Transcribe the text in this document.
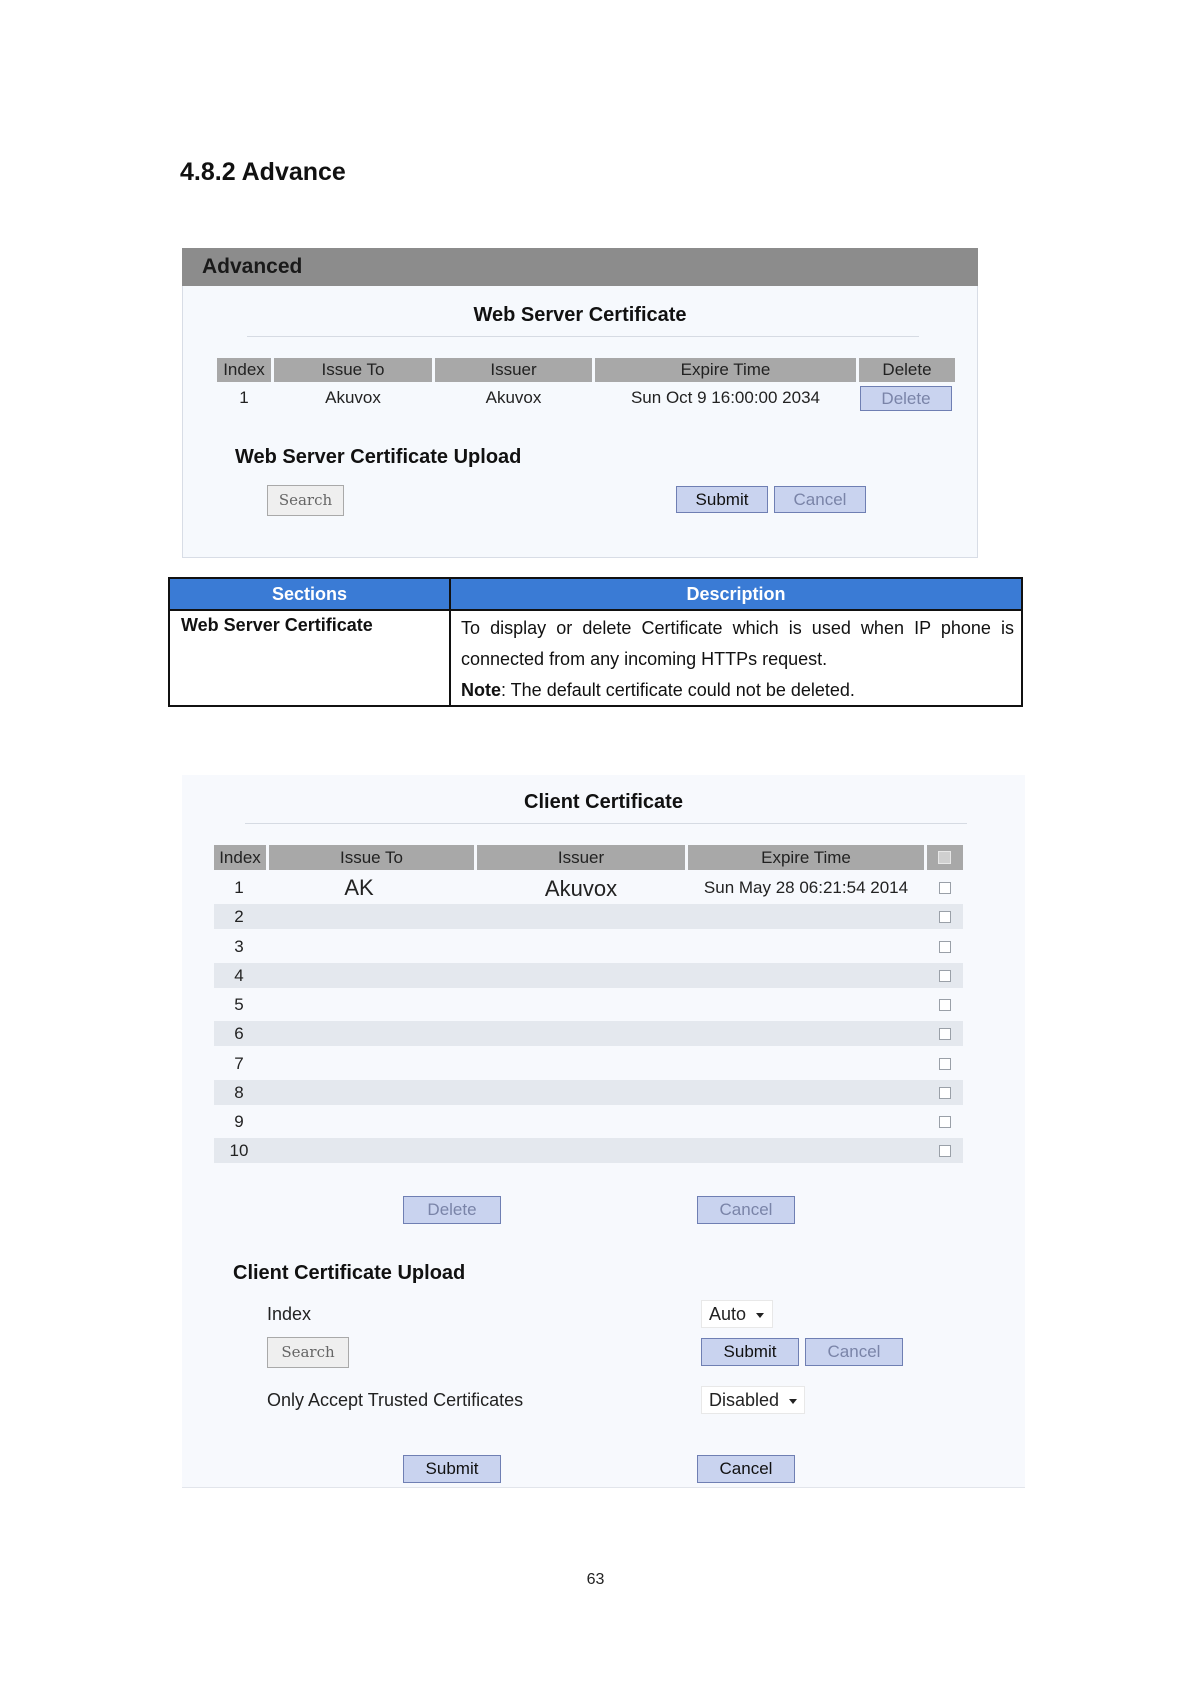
4.8.2 Advance
Advanced
Web Server Certificate
Index	Issue To	Issuer	Expire Time	Delete
1	Akuvox	Akuvox	Sun Oct 9 16:00:00 2034	Delete
Web Server Certificate Upload
Search	Submit	Cancel
Sections	Description
Web Server Certificate	To display or delete Certificate which is used when IP phone is connected from any incoming HTTPs request.
Note: The default certificate could not be deleted.
Client Certificate
Index	Issue To	Issuer	Expire Time
1	AK	Akuvox	Sun May 28 06:21:54 2014
2
3
4
5
6
7
8
9
10
Delete	Cancel
Client Certificate Upload
Index	Auto
Search	Submit	Cancel
Only Accept Trusted Certificates	Disabled
Submit	Cancel
63
